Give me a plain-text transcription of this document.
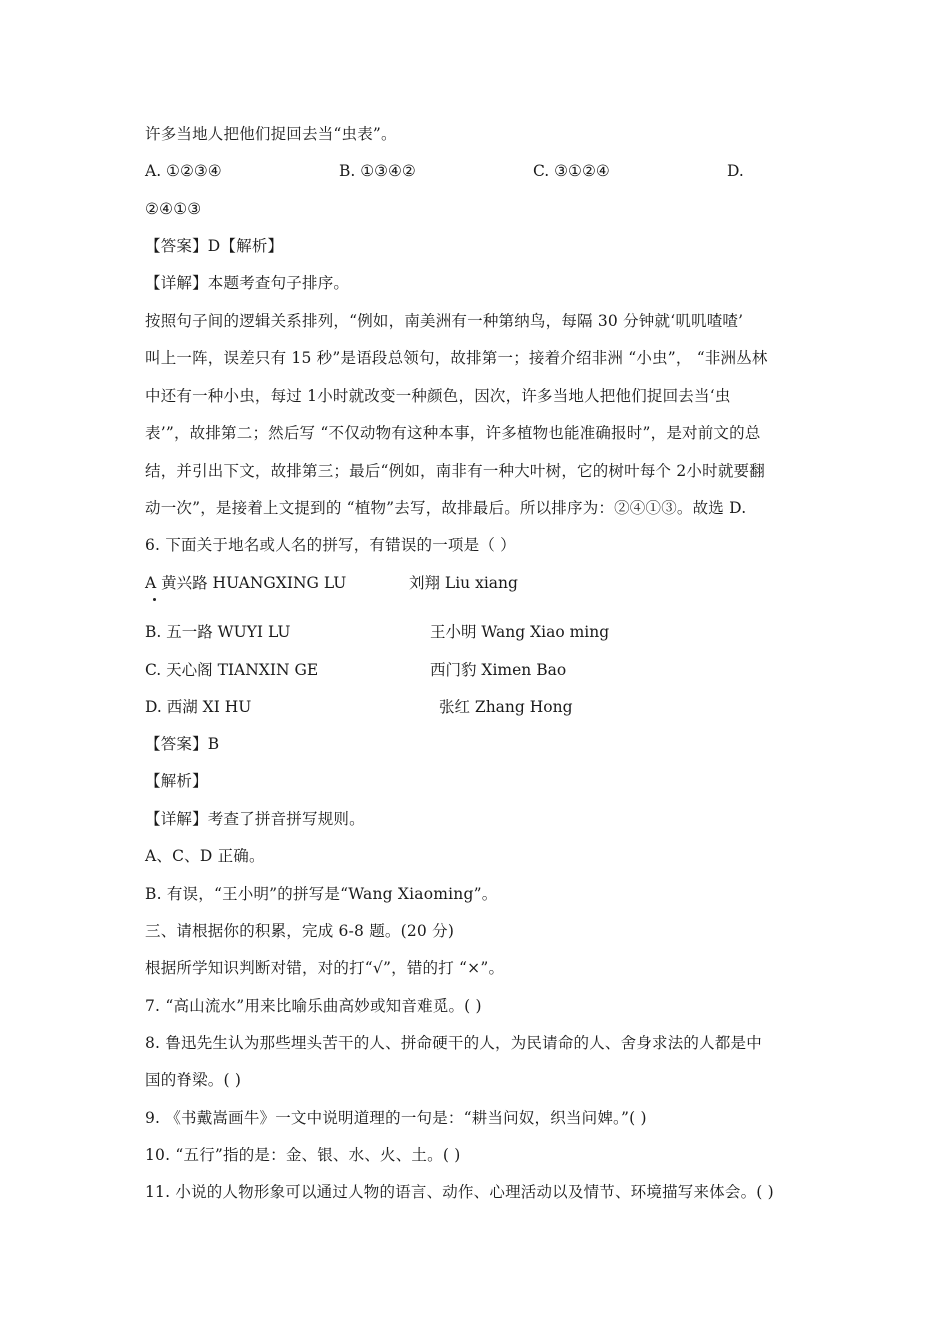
许多当地人把他们捉回去当“虫表”。
A. ①②③④	B. ①③④②	C. ③①②④	D.
②④①③
【答案】D【解析】
【详解】本题考查句子排序。
按照句子间的逻辑关系排列，“例如，南美洲有一种第纳鸟，每隔 30 分钟就‘叽叽喳喳’
叫上一阵，误差只有 15 秒”是语段总领句，故排第一；接着介绍非洲 “小虫”， “非洲丛林
中还有一种小虫，每过 1小时就改变一种颜色，因次，许多当地人把他们捉回去当‘虫
表’”，故排第二；然后写 “不仅动物有这种本事，许多植物也能准确报时”，是对前文的总
结，并引出下文，故排第三；最后“例如，南非有一种大叶树，它的树叶每个 2小时就要翻
动一次”，是接着上文提到的 “植物”去写，故排最后。所以排序为：②④①③。故选 D.
6. 下面关于地名或人名的拼写，有错误的一项是（ ）
A 黄兴路 HUANGXING LU	刘翔 Liu xiang
B. 五一路 WUYI LU	王小明 Wang Xiao ming
C. 天心阁 TIANXIN GE	西门豹 Ximen Bao
D. 西湖 XI HU	张红 Zhang Hong
【答案】B
【解析】
【详解】考查了拼音拼写规则。
A、C、D 正确。
B. 有误，“王小明”的拼写是“Wang Xiaoming”。
三、请根据你的积累，完成 6-8 题。(20 分)
根据所学知识判断对错，对的打“√”，错的打 “×”。
7. “高山流水”用来比喻乐曲高妙或知音难觅。( )
8. 鲁迅先生认为那些埋头苦干的人、拼命硬干的人，为民请命的人、舍身求法的人都是中
国的脊梁。( )
9. 《书戴嵩画牛》一文中说明道理的一句是：“耕当问奴，织当问婢。”( )
10. “五行”指的是：金、银、水、火、土。( )
11. 小说的人物形象可以通过人物的语言、动作、心理活动以及情节、环境描写来体会。( )
